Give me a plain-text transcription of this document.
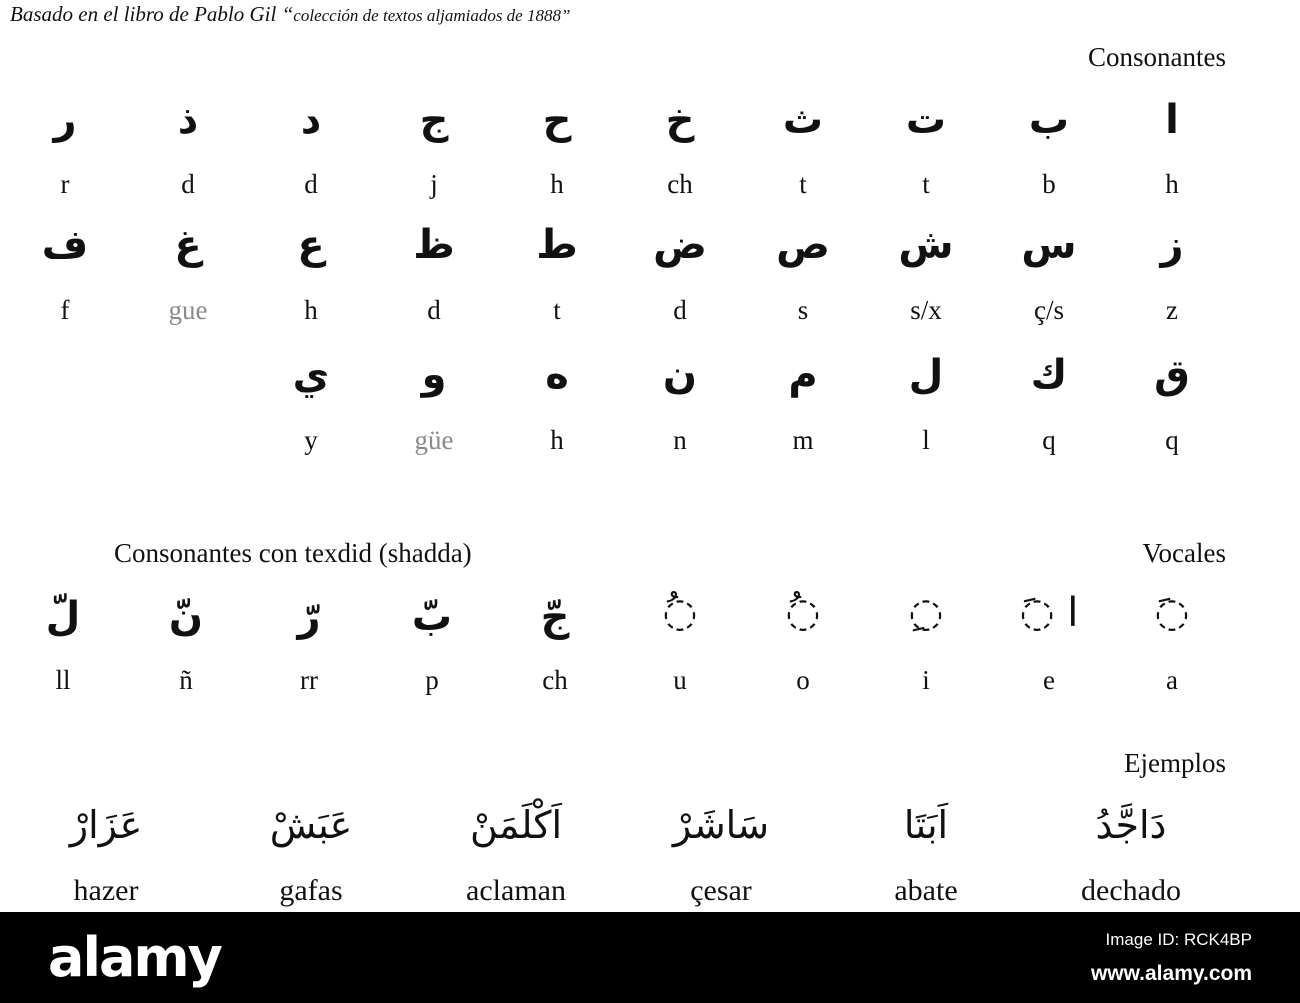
Basado en el libro de Pablo Gil “colección de textos aljamiados de 1888”
Consonantes
Consonantes con texdid (shadda)	Vocales
Ejemplos
ر
r
ذ
d
د
d
ج
j
ح
h
خ
ch
ث
t
ت
t
ب
b
ا
h
ف
f
غ
gue
ع
h
ظ
d
ط
t
ض
d
ص
s
ش
s/x
س
ç/s
ز
z
ي
y
و
güe
ه
h
ن
n
م
m
ل
l
ك
q
ق
q
لّ
ll
نّ
ñ
رّ
rr
بّ
p
جّ
ch
◌ُ
u
◌ُ
o
◌ِ
i
◌َ ا
e
◌َ
a
عَزَارْ
hazer
عَبَشْ
gafas
اَكْلَمَنْ
aclaman
سَاشَرْ
çesar
اَبَتَا
abate
دَاجَّدُ
dechado
alamy	Image ID: RCK4BP
www.alamy.com
